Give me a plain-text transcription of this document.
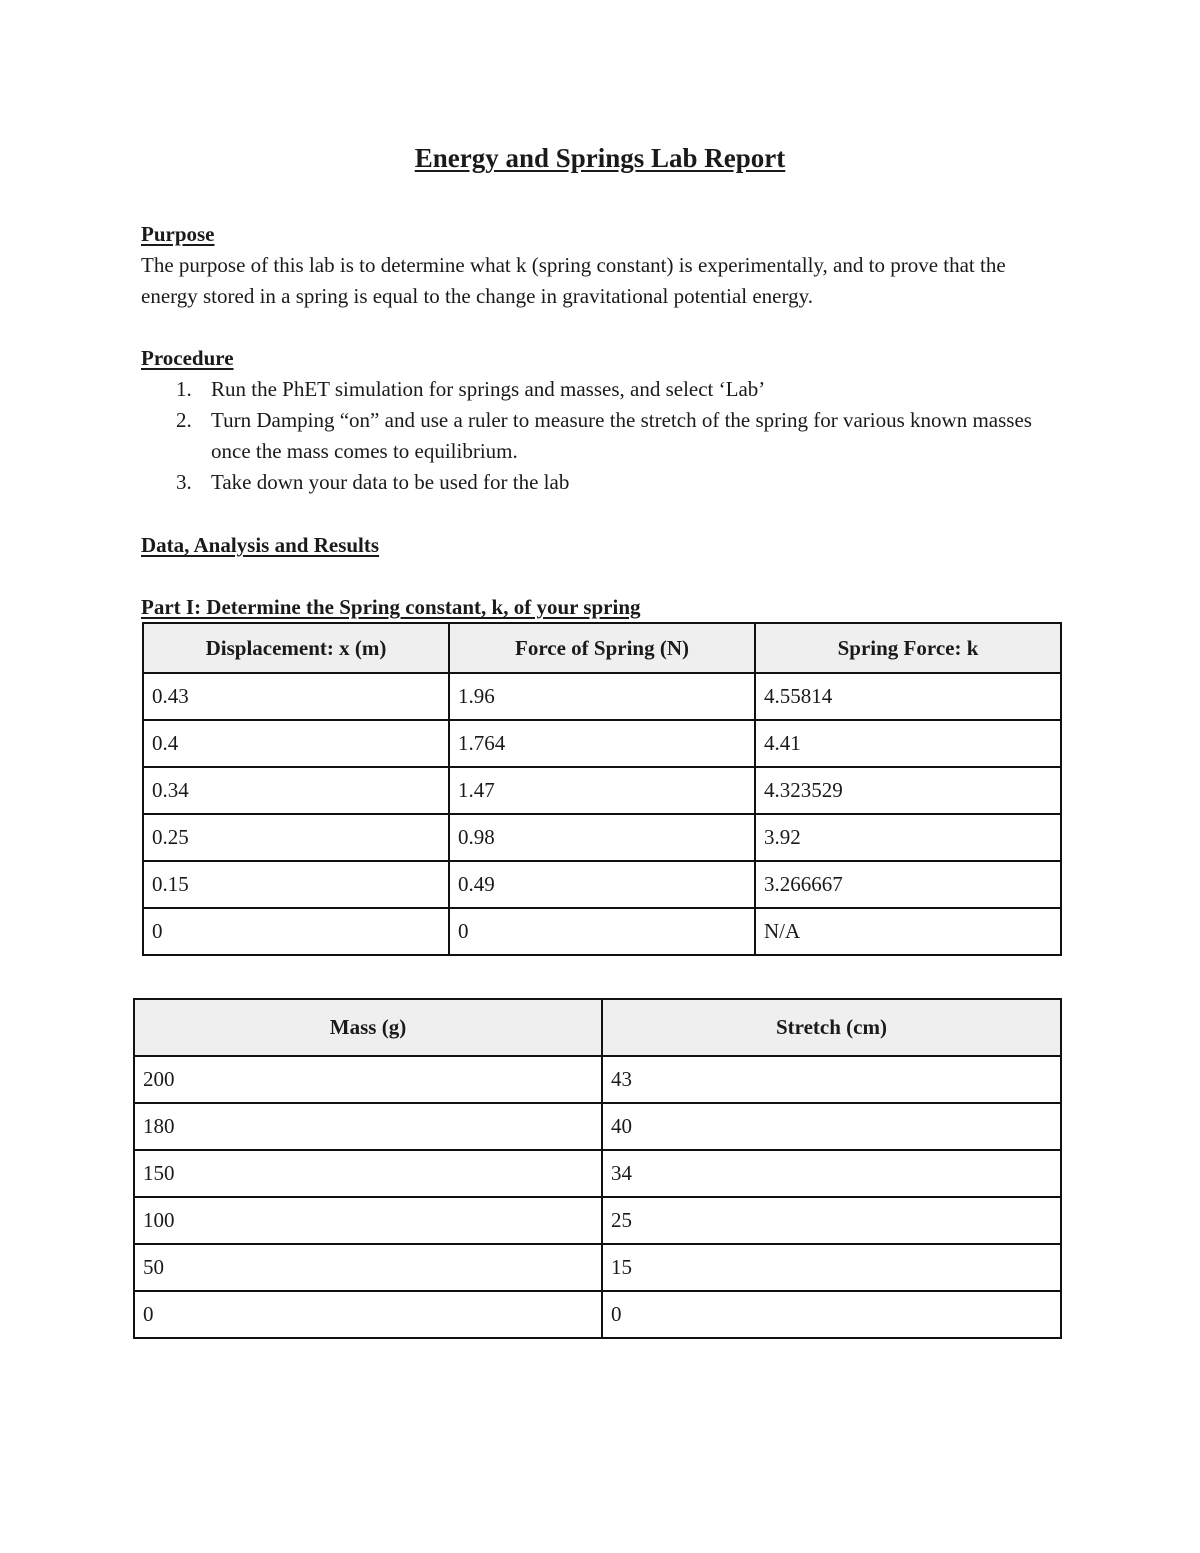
Energy and Springs Lab Report
Purpose

The purpose of this lab is to determine what k (spring constant) is experimentally, and to prove that the energy stored in a spring is equal to the change in gravitational potential energy.

Procedure
1. Run the PhET simulation for springs and masses, and select ‘Lab’
2. Turn Damping “on” and use a ruler to measure the stretch of the spring for various known masses once the mass comes to equilibrium.
3. Take down your data to be used for the lab
Data, Analysis and Results
Part I: Determine the Spring constant, k, of your spring
Displacement: x (m)	Force of Spring (N)	Spring Force: k
0.43	1.96	4.55814
0.4	1.764	4.41
0.34	1.47	4.323529
0.25	0.98	3.92
0.15	0.49	3.266667
0	0	N/A
Mass (g)	Stretch (cm)
200	43
180	40
150	34
100	25
50	15
0	0
